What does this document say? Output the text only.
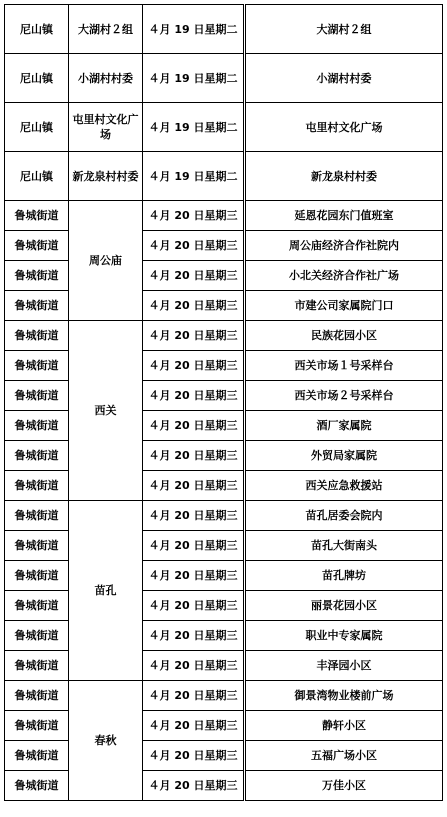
尼山镇	大湖村２组	４月 19 日星期二	大湖村２组
尼山镇	小湖村村委	４月 19 日星期二	小湖村村委
尼山镇	屯里村文化广场	４月 19 日星期二	屯里村文化广场
尼山镇	新龙泉村村委	４月 19 日星期二	新龙泉村村委
鲁城街道	周公庙	４月 20 日星期三	延恩花园东门值班室
鲁城街道		４月 20 日星期三	周公庙经济合作社院内
鲁城街道		４月 20 日星期三	小北关经济合作社广场
鲁城街道		４月 20 日星期三	市建公司家属院门口
鲁城街道	西关	４月 20 日星期三	民族花园小区
鲁城街道		４月 20 日星期三	西关市场１号采样台
鲁城街道		４月 20 日星期三	西关市场２号采样台
鲁城街道		４月 20 日星期三	酒厂家属院
鲁城街道		４月 20 日星期三	外贸局家属院
鲁城街道		４月 20 日星期三	西关应急救援站
鲁城街道	苗孔	４月 20 日星期三	苗孔居委会院内
鲁城街道		４月 20 日星期三	苗孔大街南头
鲁城街道		４月 20 日星期三	苗孔牌坊
鲁城街道		４月 20 日星期三	丽景花园小区
鲁城街道		４月 20 日星期三	职业中专家属院
鲁城街道		４月 20 日星期三	丰泽园小区
鲁城街道	春秋	４月 20 日星期三	御景湾物业楼前广场
鲁城街道		４月 20 日星期三	静轩小区
鲁城街道		４月 20 日星期三	五福广场小区
鲁城街道		４月 20 日星期三	万佳小区
